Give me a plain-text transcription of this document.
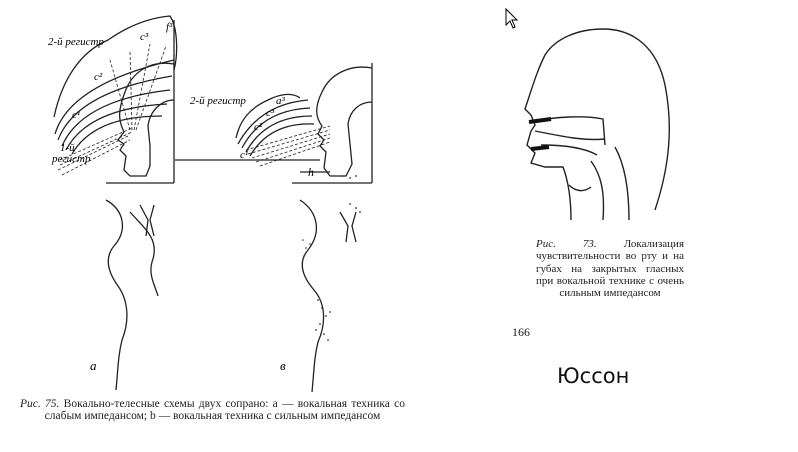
2-й регистр
1-й
регистр
c¹
c²
c³
f³
2-й регистр
c¹
c²
c³
a³
h
а	в
Рис. 75. Вокально-телесные схемы двух сопрано: а — вокальная техника со слабым импедансом; b — вокальная техника с сильным импедансом
Рис. 73. Локализация чувствительности во рту и на губах на закрытых гласных при вокальной технике с очень сильным импедансом
166
Юссон
